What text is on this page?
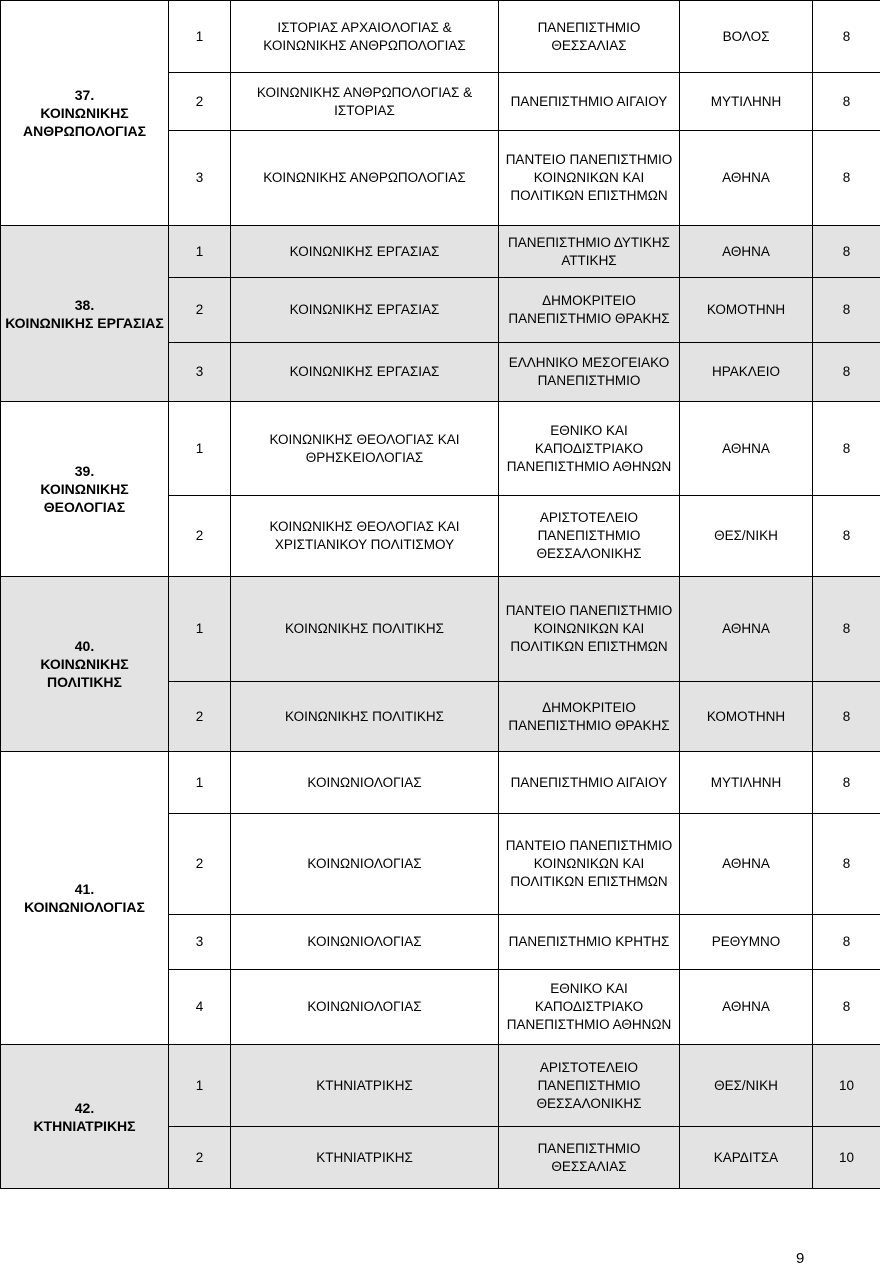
37.
ΚΟΙΝΩΝΙΚΗΣ ΑΝΘΡΩΠΟΛΟΓΙΑΣ	1	ΙΣΤΟΡΙΑΣ ΑΡΧΑΙΟΛΟΓΙΑΣ & ΚΟΙΝΩΝΙΚΗΣ ΑΝΘΡΩΠΟΛΟΓΙΑΣ	ΠΑΝΕΠΙΣΤΗΜΙΟ ΘΕΣΣΑΛΙΑΣ	ΒΟΛΟΣ	8
	2	ΚΟΙΝΩΝΙΚΗΣ ΑΝΘΡΩΠΟΛΟΓΙΑΣ & ΙΣΤΟΡΙΑΣ	ΠΑΝΕΠΙΣΤΗΜΙΟ ΑΙΓΑΙΟΥ	ΜΥΤΙΛΗΝΗ	8
	3	ΚΟΙΝΩΝΙΚΗΣ ΑΝΘΡΩΠΟΛΟΓΙΑΣ	ΠΑΝΤΕΙΟ ΠΑΝΕΠΙΣΤΗΜΙΟ ΚΟΙΝΩΝΙΚΩΝ ΚΑΙ ΠΟΛΙΤΙΚΩΝ ΕΠΙΣΤΗΜΩΝ	ΑΘΗΝΑ	8

38.
ΚΟΙΝΩΝΙΚΗΣ ΕΡΓΑΣΙΑΣ	1	ΚΟΙΝΩΝΙΚΗΣ ΕΡΓΑΣΙΑΣ	ΠΑΝΕΠΙΣΤΗΜΙΟ ΔΥΤΙΚΗΣ ΑΤΤΙΚΗΣ	ΑΘΗΝΑ	8
	2	ΚΟΙΝΩΝΙΚΗΣ ΕΡΓΑΣΙΑΣ	ΔΗΜΟΚΡΙΤΕΙΟ ΠΑΝΕΠΙΣΤΗΜΙΟ ΘΡΑΚΗΣ	ΚΟΜΟΤΗΝΗ	8
	3	ΚΟΙΝΩΝΙΚΗΣ ΕΡΓΑΣΙΑΣ	ΕΛΛΗΝΙΚΟ ΜΕΣΟΓΕΙΑΚΟ ΠΑΝΕΠΙΣΤΗΜΙΟ	ΗΡΑΚΛΕΙΟ	8

39.
ΚΟΙΝΩΝΙΚΗΣ ΘΕΟΛΟΓΙΑΣ	1	ΚΟΙΝΩΝΙΚΗΣ ΘΕΟΛΟΓΙΑΣ ΚΑΙ ΘΡΗΣΚΕΙΟΛΟΓΙΑΣ	ΕΘΝΙΚΟ ΚΑΙ ΚΑΠΟΔΙΣΤΡΙΑΚΟ ΠΑΝΕΠΙΣΤΗΜΙΟ ΑΘΗΝΩΝ	ΑΘΗΝΑ	8
	2	ΚΟΙΝΩΝΙΚΗΣ ΘΕΟΛΟΓΙΑΣ ΚΑΙ ΧΡΙΣΤΙΑΝΙΚΟΥ ΠΟΛΙΤΙΣΜΟΥ	ΑΡΙΣΤΟΤΕΛΕΙΟ ΠΑΝΕΠΙΣΤΗΜΙΟ ΘΕΣΣΑΛΟΝΙΚΗΣ	ΘΕΣ/ΝΙΚΗ	8

40.
ΚΟΙΝΩΝΙΚΗΣ ΠΟΛΙΤΙΚΗΣ	1	ΚΟΙΝΩΝΙΚΗΣ ΠΟΛΙΤΙΚΗΣ	ΠΑΝΤΕΙΟ ΠΑΝΕΠΙΣΤΗΜΙΟ ΚΟΙΝΩΝΙΚΩΝ ΚΑΙ ΠΟΛΙΤΙΚΩΝ ΕΠΙΣΤΗΜΩΝ	ΑΘΗΝΑ	8
	2	ΚΟΙΝΩΝΙΚΗΣ ΠΟΛΙΤΙΚΗΣ	ΔΗΜΟΚΡΙΤΕΙΟ ΠΑΝΕΠΙΣΤΗΜΙΟ ΘΡΑΚΗΣ	ΚΟΜΟΤΗΝΗ	8

41.
ΚΟΙΝΩΝΙΟΛΟΓΙΑΣ	1	ΚΟΙΝΩΝΙΟΛΟΓΙΑΣ	ΠΑΝΕΠΙΣΤΗΜΙΟ ΑΙΓΑΙΟΥ	ΜΥΤΙΛΗΝΗ	8
	2	ΚΟΙΝΩΝΙΟΛΟΓΙΑΣ	ΠΑΝΤΕΙΟ ΠΑΝΕΠΙΣΤΗΜΙΟ ΚΟΙΝΩΝΙΚΩΝ ΚΑΙ ΠΟΛΙΤΙΚΩΝ ΕΠΙΣΤΗΜΩΝ	ΑΘΗΝΑ	8
	3	ΚΟΙΝΩΝΙΟΛΟΓΙΑΣ	ΠΑΝΕΠΙΣΤΗΜΙΟ ΚΡΗΤΗΣ	ΡΕΘΥΜΝΟ	8
	4	ΚΟΙΝΩΝΙΟΛΟΓΙΑΣ	ΕΘΝΙΚΟ ΚΑΙ ΚΑΠΟΔΙΣΤΡΙΑΚΟ ΠΑΝΕΠΙΣΤΗΜΙΟ ΑΘΗΝΩΝ	ΑΘΗΝΑ	8

42.
ΚΤΗΝΙΑΤΡΙΚΗΣ	1	ΚΤΗΝΙΑΤΡΙΚΗΣ	ΑΡΙΣΤΟΤΕΛΕΙΟ ΠΑΝΕΠΙΣΤΗΜΙΟ ΘΕΣΣΑΛΟΝΙΚΗΣ	ΘΕΣ/ΝΙΚΗ	10
	2	ΚΤΗΝΙΑΤΡΙΚΗΣ	ΠΑΝΕΠΙΣΤΗΜΙΟ ΘΕΣΣΑΛΙΑΣ	ΚΑΡΔΙΤΣΑ	10
9
